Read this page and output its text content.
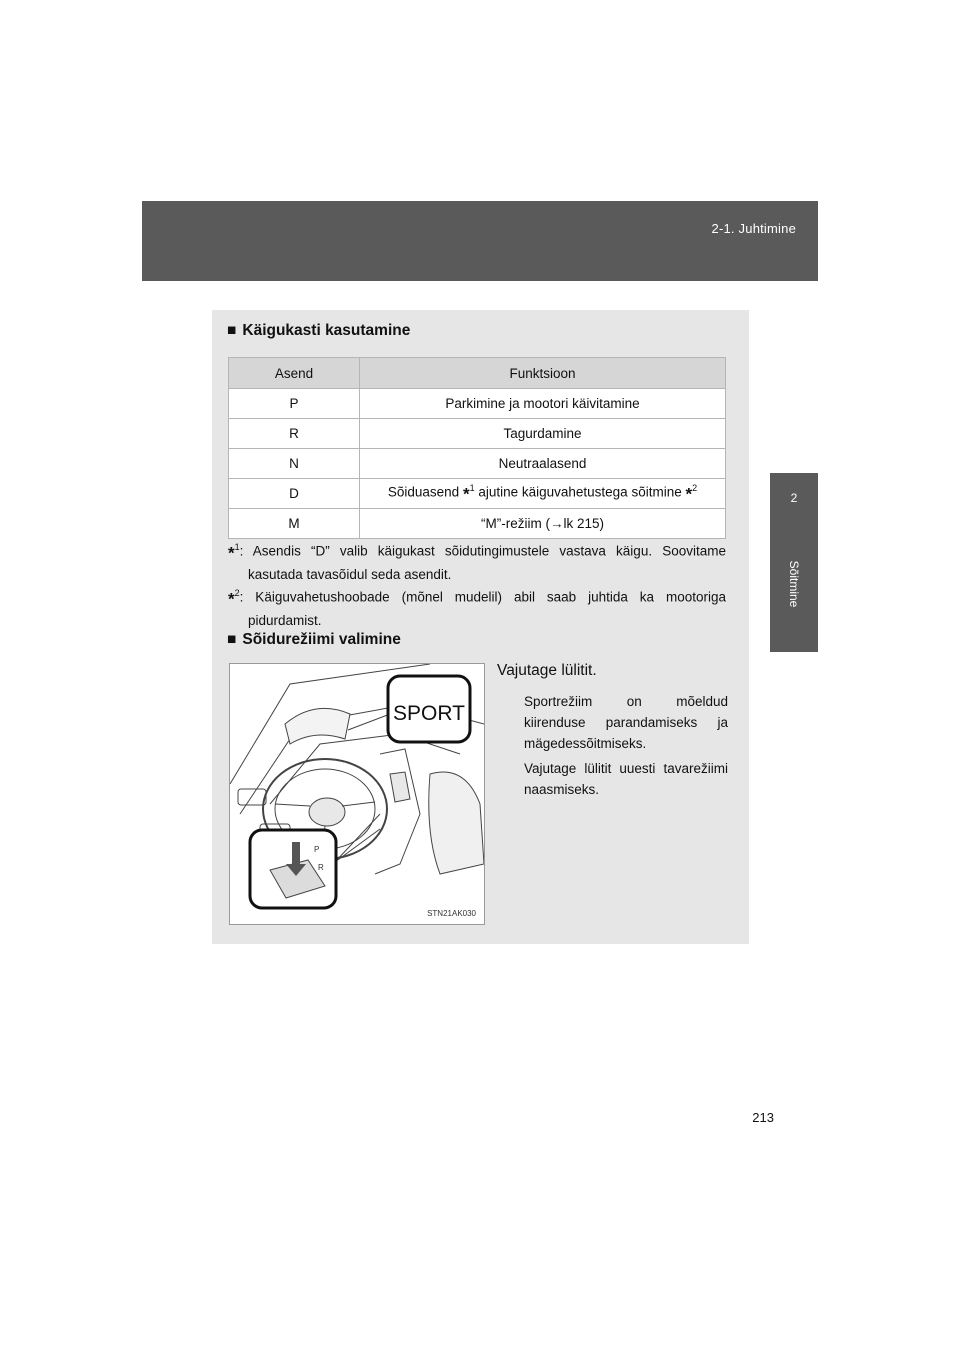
2-1. Juhtimine
2
Sõitmine
■ Käigukasti kasutamine
Asend	Funktsioon
P	Parkimine ja mootori käivitamine
R	Tagurdamine
N	Neutraalasend
D	Sõiduasend *$^1$ ajutine käiguvahetustega sõitmine *$^2$
M	“M”-režiim (→lk 215)
*$^1$: Asendis “D” valib käigukast sõidutingimustele vastava käigu. Soovitame kasutada tavasõidul seda asendit.
*$^2$: Käiguvahetushoobade (mõnel mudelil) abil saab juhtida ka mootoriga pidurdamist.
■ Sõidurežiimi valimine
SPORT
P
R
STN21AK030
Vajutage lülitit.
Sportrežiim on mõeldud kiirendusе parandamiseks ja mägedessõitmiseks.
Vajutage lülitit uuesti tavarežiimi naasmiseks.
213
